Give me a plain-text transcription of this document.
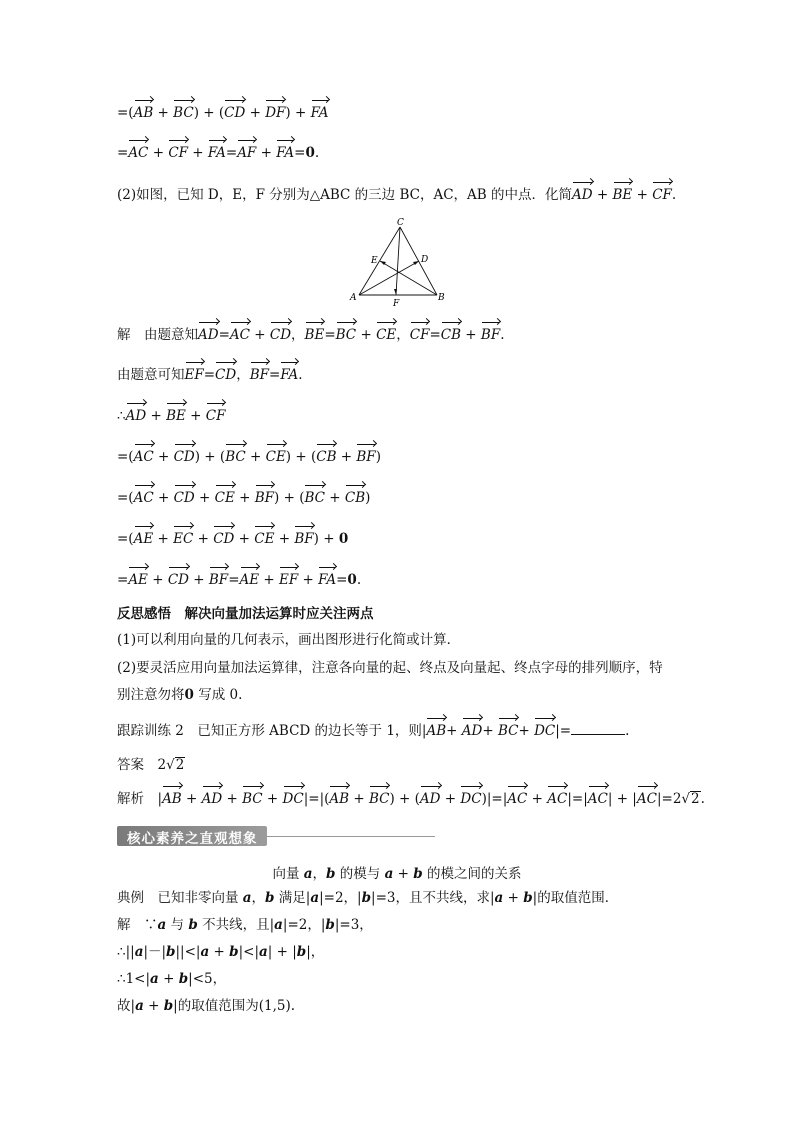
=(AB + BC) + (CD + DF) + FA
=AC + CF + FA=AF + FA=0.
(2)如图，已知 D，E，F 分别为△ABC 的三边 BC，AC，AB 的中点．化简AD + BE + CF.
C
E	D
A
F
B
解　由题意知AD=AC + CD，BE=BC + CE，CF=CB + BF.
由题意可知EF=CD，BF=FA.
∴AD + BE + CF
=(AC + CD) + (BC + CE) + (CB + BF)
=(AC + CD + CE + BF) + (BC + CB)
=(AE + EC + CD + CE + BF) + 0
=AE + CD + BF=AE + EF + FA=0.
反思感悟　解决向量加法运算时应关注两点
(1)可以利用向量的几何表示，画出图形进行化简或计算．
(2)要灵活应用向量加法运算律，注意各向量的起、终点及向量起、终点字母的排列顺序，特
别注意勿将0 写成 0.
跟踪训练 2　已知正方形 ABCD 的边长等于 1，则|AB+ AD+ BC+ DC|=	.
答案　2√2
解析　|AB + AD + BC + DC|=|(AB + BC) + (AD + DC)|=|AC + AC|=|AC| + |AC|=2√2.
核心素养之直观想象
向量 a，b 的模与 a + b 的模之间的关系
典例　已知非零向量 a，b 满足|a|=2，|b|=3，且不共线，求|a + b|的取值范围．
解　∵a 与 b 不共线，且|a|=2，|b|=3，
∴||a|－|b||<|a + b|<|a| + |b|，
∴1<|a + b|<5，
故|a + b|的取值范围为(1,5).
